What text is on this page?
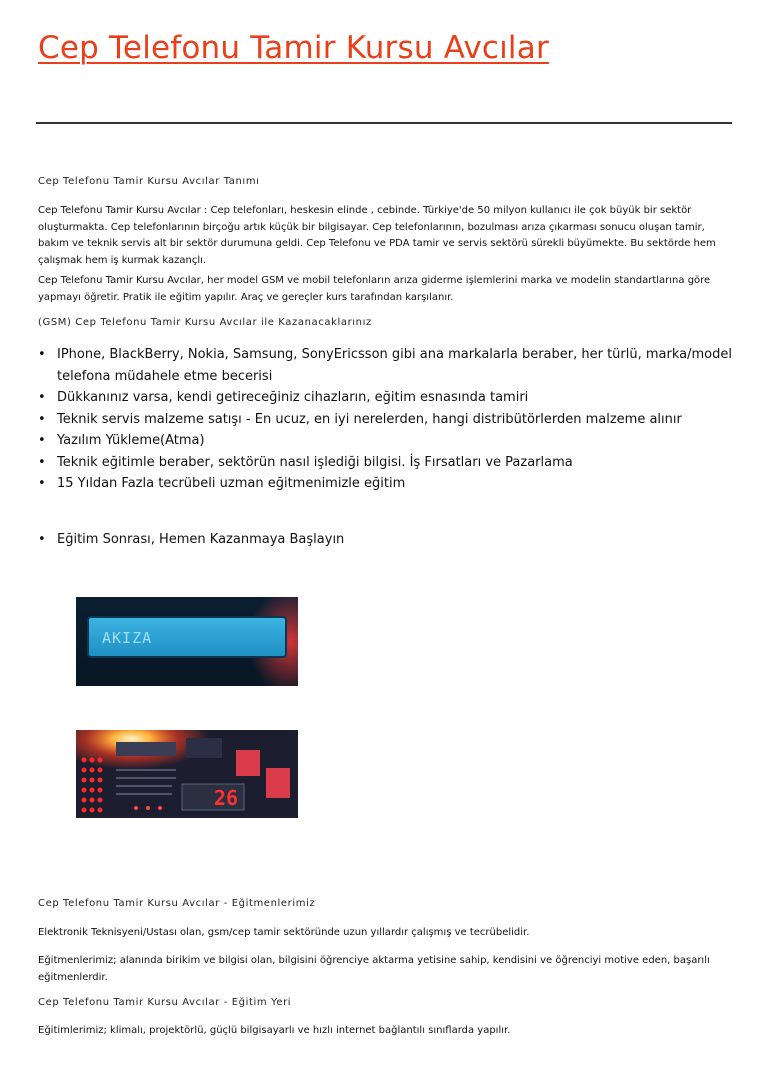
Cep Telefonu Tamir Kursu Avcılar
Cep Telefonu Tamir Kursu Avcılar Tanımı
Cep Telefonu Tamir Kursu Avcılar : Cep telefonları, heskesin elinde , cebinde. Türkiye'de 50 milyon kullanıcı ile çok büyük bir sektör oluşturmakta. Cep telefonlarının birçoğu artık küçük bir bilgisayar. Cep telefonlarının, bozulması arıza çıkarması sonucu oluşan tamir, bakım ve teknik servis alt bir sektör durumuna geldi. Cep Telefonu ve PDA tamir ve servis sektörü sürekli büyümekte. Bu sektörde hem çalışmak hem iş kurmak kazançlı.
Cep Telefonu Tamir Kursu Avcılar, her model GSM ve mobil telefonların arıza giderme işlemlerini marka ve modelin standartlarına göre yapmayı öğretir. Pratik ile eğitim yapılır. Araç ve gereçler kurs tarafından karşılanır.
(GSM) Cep Telefonu Tamir Kursu Avcılar ile Kazanacaklarınız
• IPhone, BlackBerry, Nokia, Samsung, SonyEricsson gibi ana markalarla beraber, her türlü, marka/model telefona müdahele etme becerisi
• Dükkanınız varsa, kendi getireceğiniz cihazların, eğitim esnasında tamiri
• Teknik servis malzeme satışı - En ucuz, en iyi nerelerden, hangi distribütörlerden malzeme alınır
• Yazılım Yükleme(Atma)
• Teknik eğitimle beraber, sektörün nasıl işlediği bilgisi. İş Fırsatları ve Pazarlama
• 15 Yıldan Fazla tecrübeli uzman eğitmenimizle eğitim
• Eğitim Sonrası, Hemen Kazanmaya Başlayın
AKIZA
26
Cep Telefonu Tamir Kursu Avcılar - Eğitmenlerimiz
Elektronik Teknisyeni/Ustası olan, gsm/cep tamir sektöründe uzun yıllardır çalışmış ve tecrübelidir.
Eğitmenlerimiz; alanında birikim ve bilgisi olan, bilgisini öğrenciye aktarma yetisine sahip, kendisini ve öğrenciyi motive eden, başarılı eğitmenlerdir.
Cep Telefonu Tamir Kursu Avcılar - Eğitim Yeri
Eğitimlerimiz; klimalı, projektörlü, güçlü bilgisayarlı ve hızlı internet bağlantılı sınıflarda yapılır.
